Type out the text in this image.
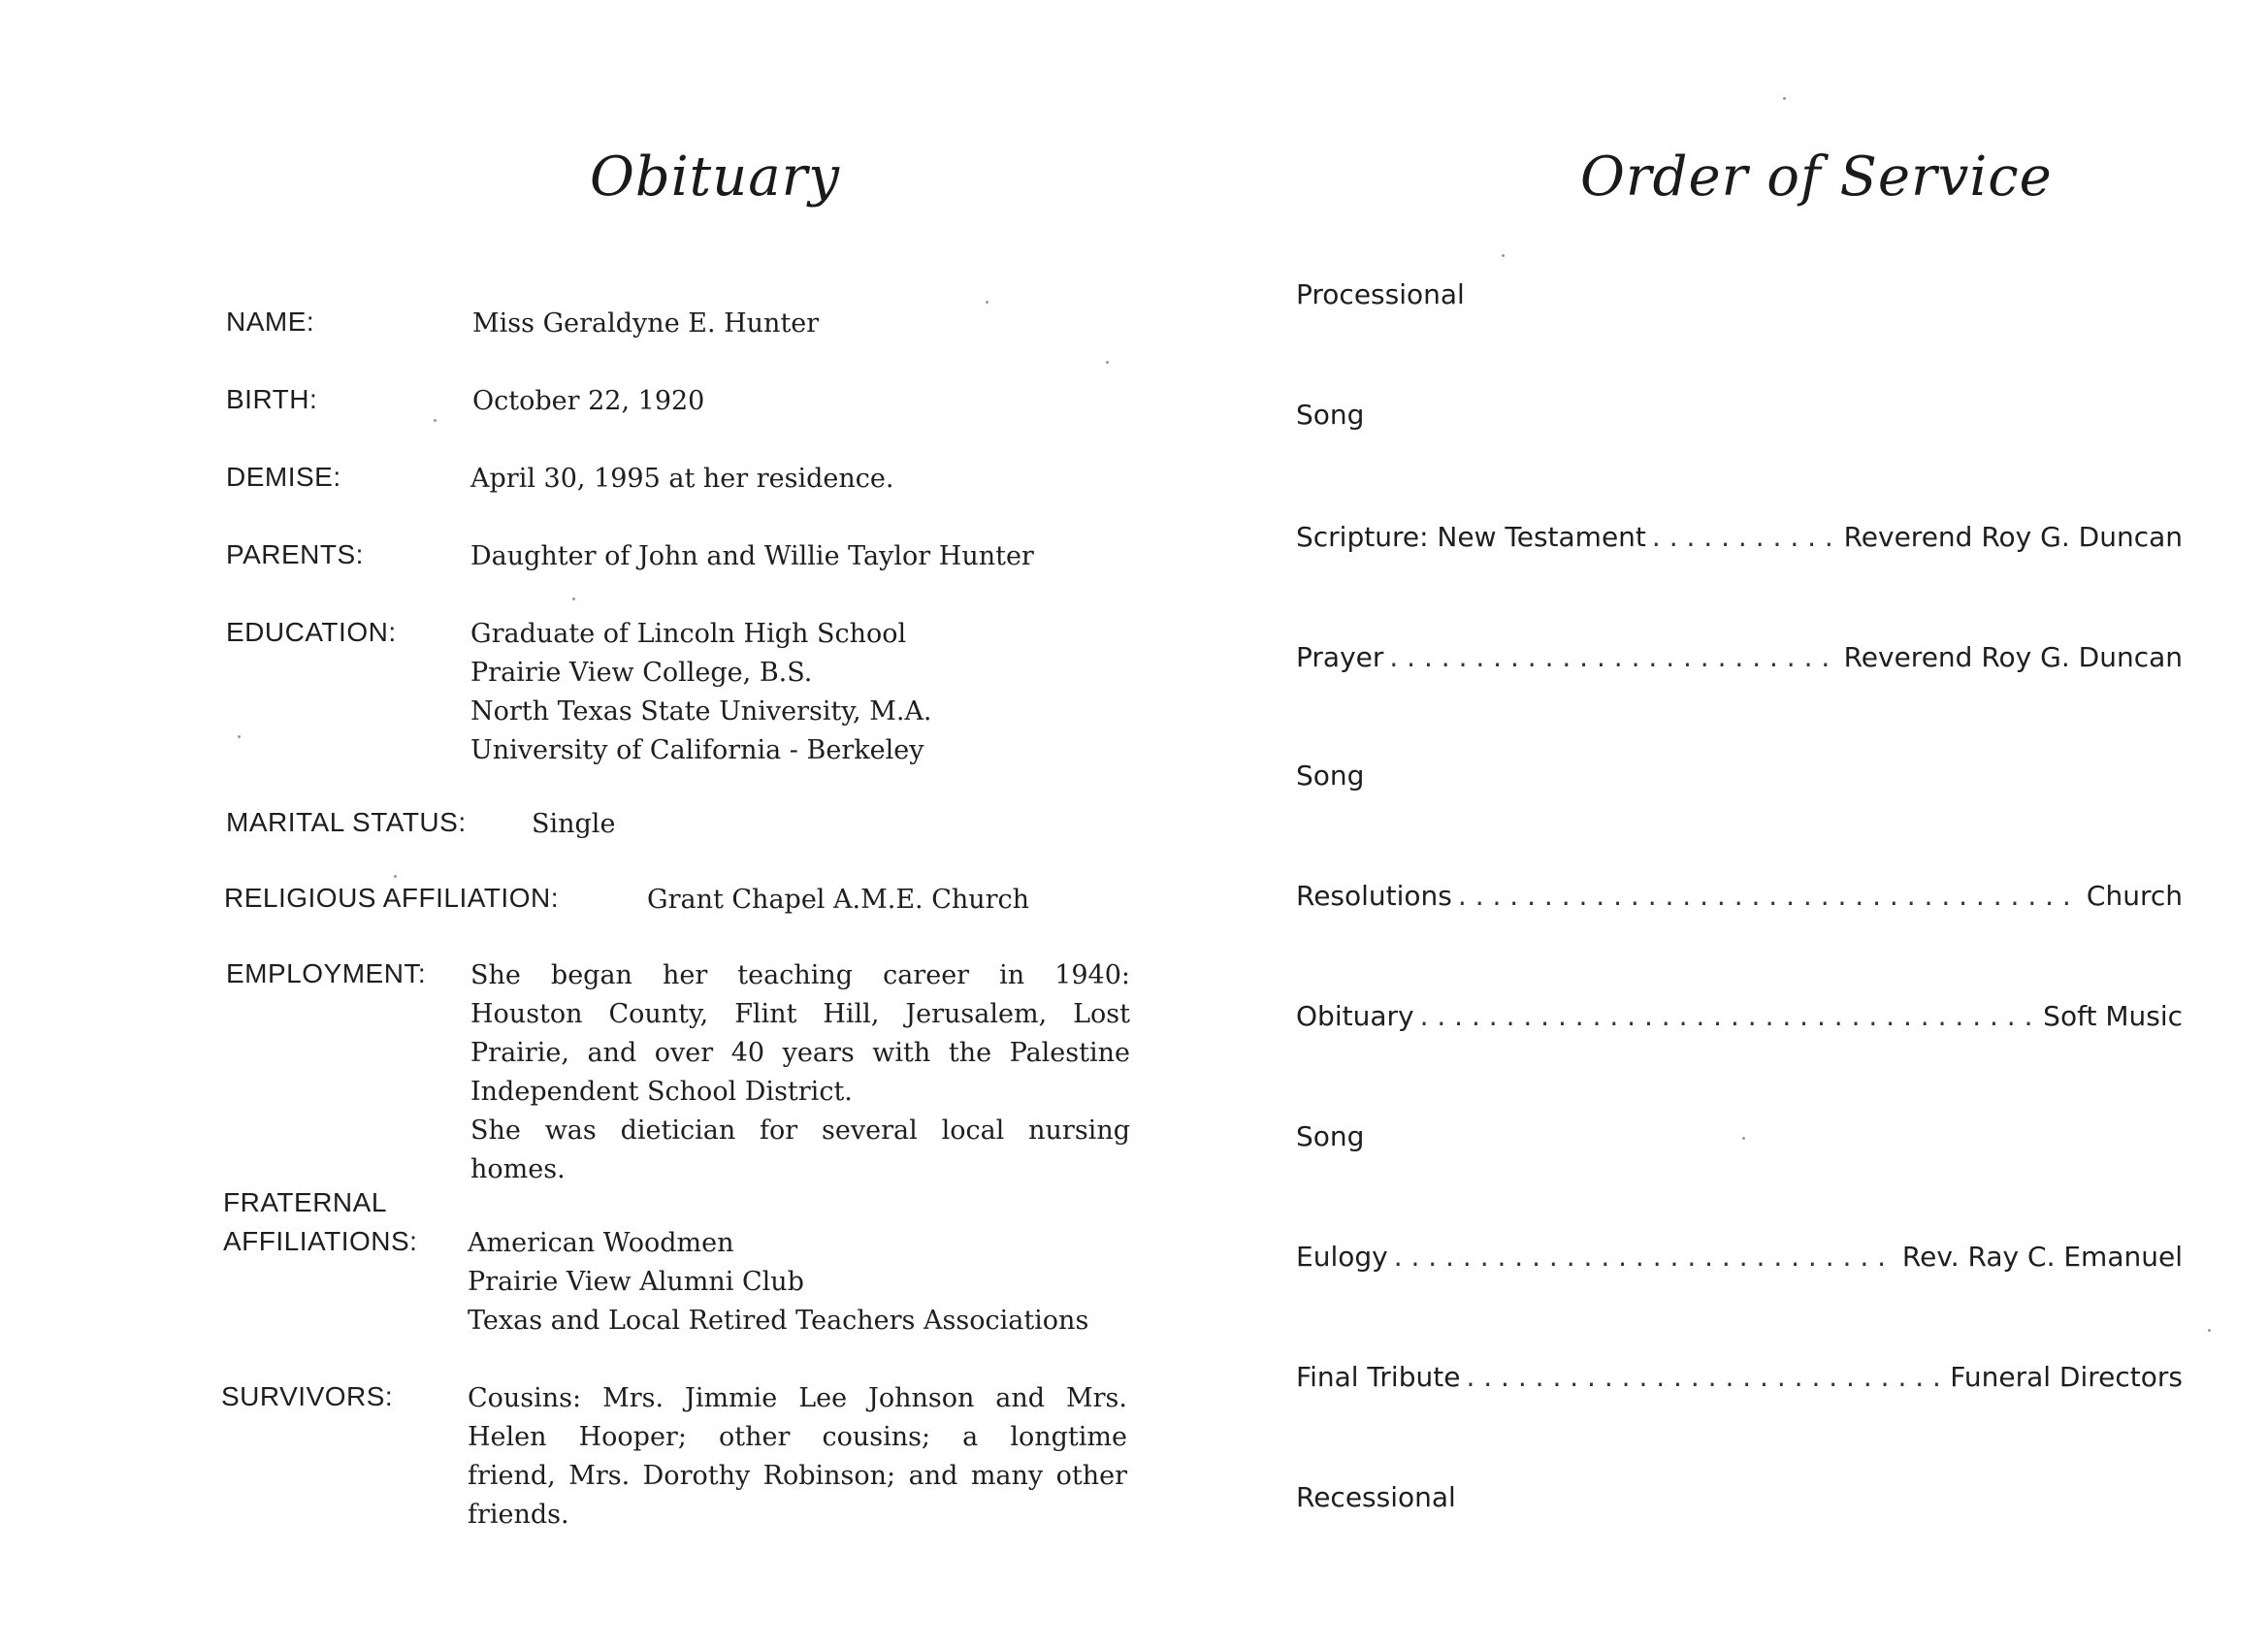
Obituary
NAME:	Miss Geraldyne E. Hunter
BIRTH:	October 22, 1920
DEMISE:	April 30, 1995 at her residence.
PARENTS:	Daughter of John and Willie Taylor Hunter
EDUCATION:	Graduate of Lincoln High School
Prairie View College, B.S.
North Texas State University, M.A.
University of California - Berkeley
MARITAL STATUS: Single
RELIGIOUS AFFILIATION:	Grant Chapel A.M.E. Church
EMPLOYMENT: She began her teaching career in 1940:
Houston County, Flint Hill, Jerusalem, Lost
Prairie, and over 40 years with the Palestine
Independent School District.
She was dietician for several local nursing homes.
FRATERNAL
AFFILIATIONS: American Woodmen
Prairie View Alumni Club
Texas and Local Retired Teachers Associations
SURVIVORS:	Cousins: Mrs. Jimmie Lee Johnson and Mrs.
Helen Hooper; other cousins; a longtime
friend, Mrs. Dorothy Robinson; and many other
friends.
Order of Service
Processional
Song
Scripture: New Testament . . .	Reverend Roy G. Duncan
Prayer . . .	Reverend Roy G. Duncan
Song
Resolutions . . .	Church
Obituary . . .	Soft Music
Song
Eulogy . . .	Rev. Ray C. Emanuel
Final Tribute . . .	Funeral Directors
Recessional
